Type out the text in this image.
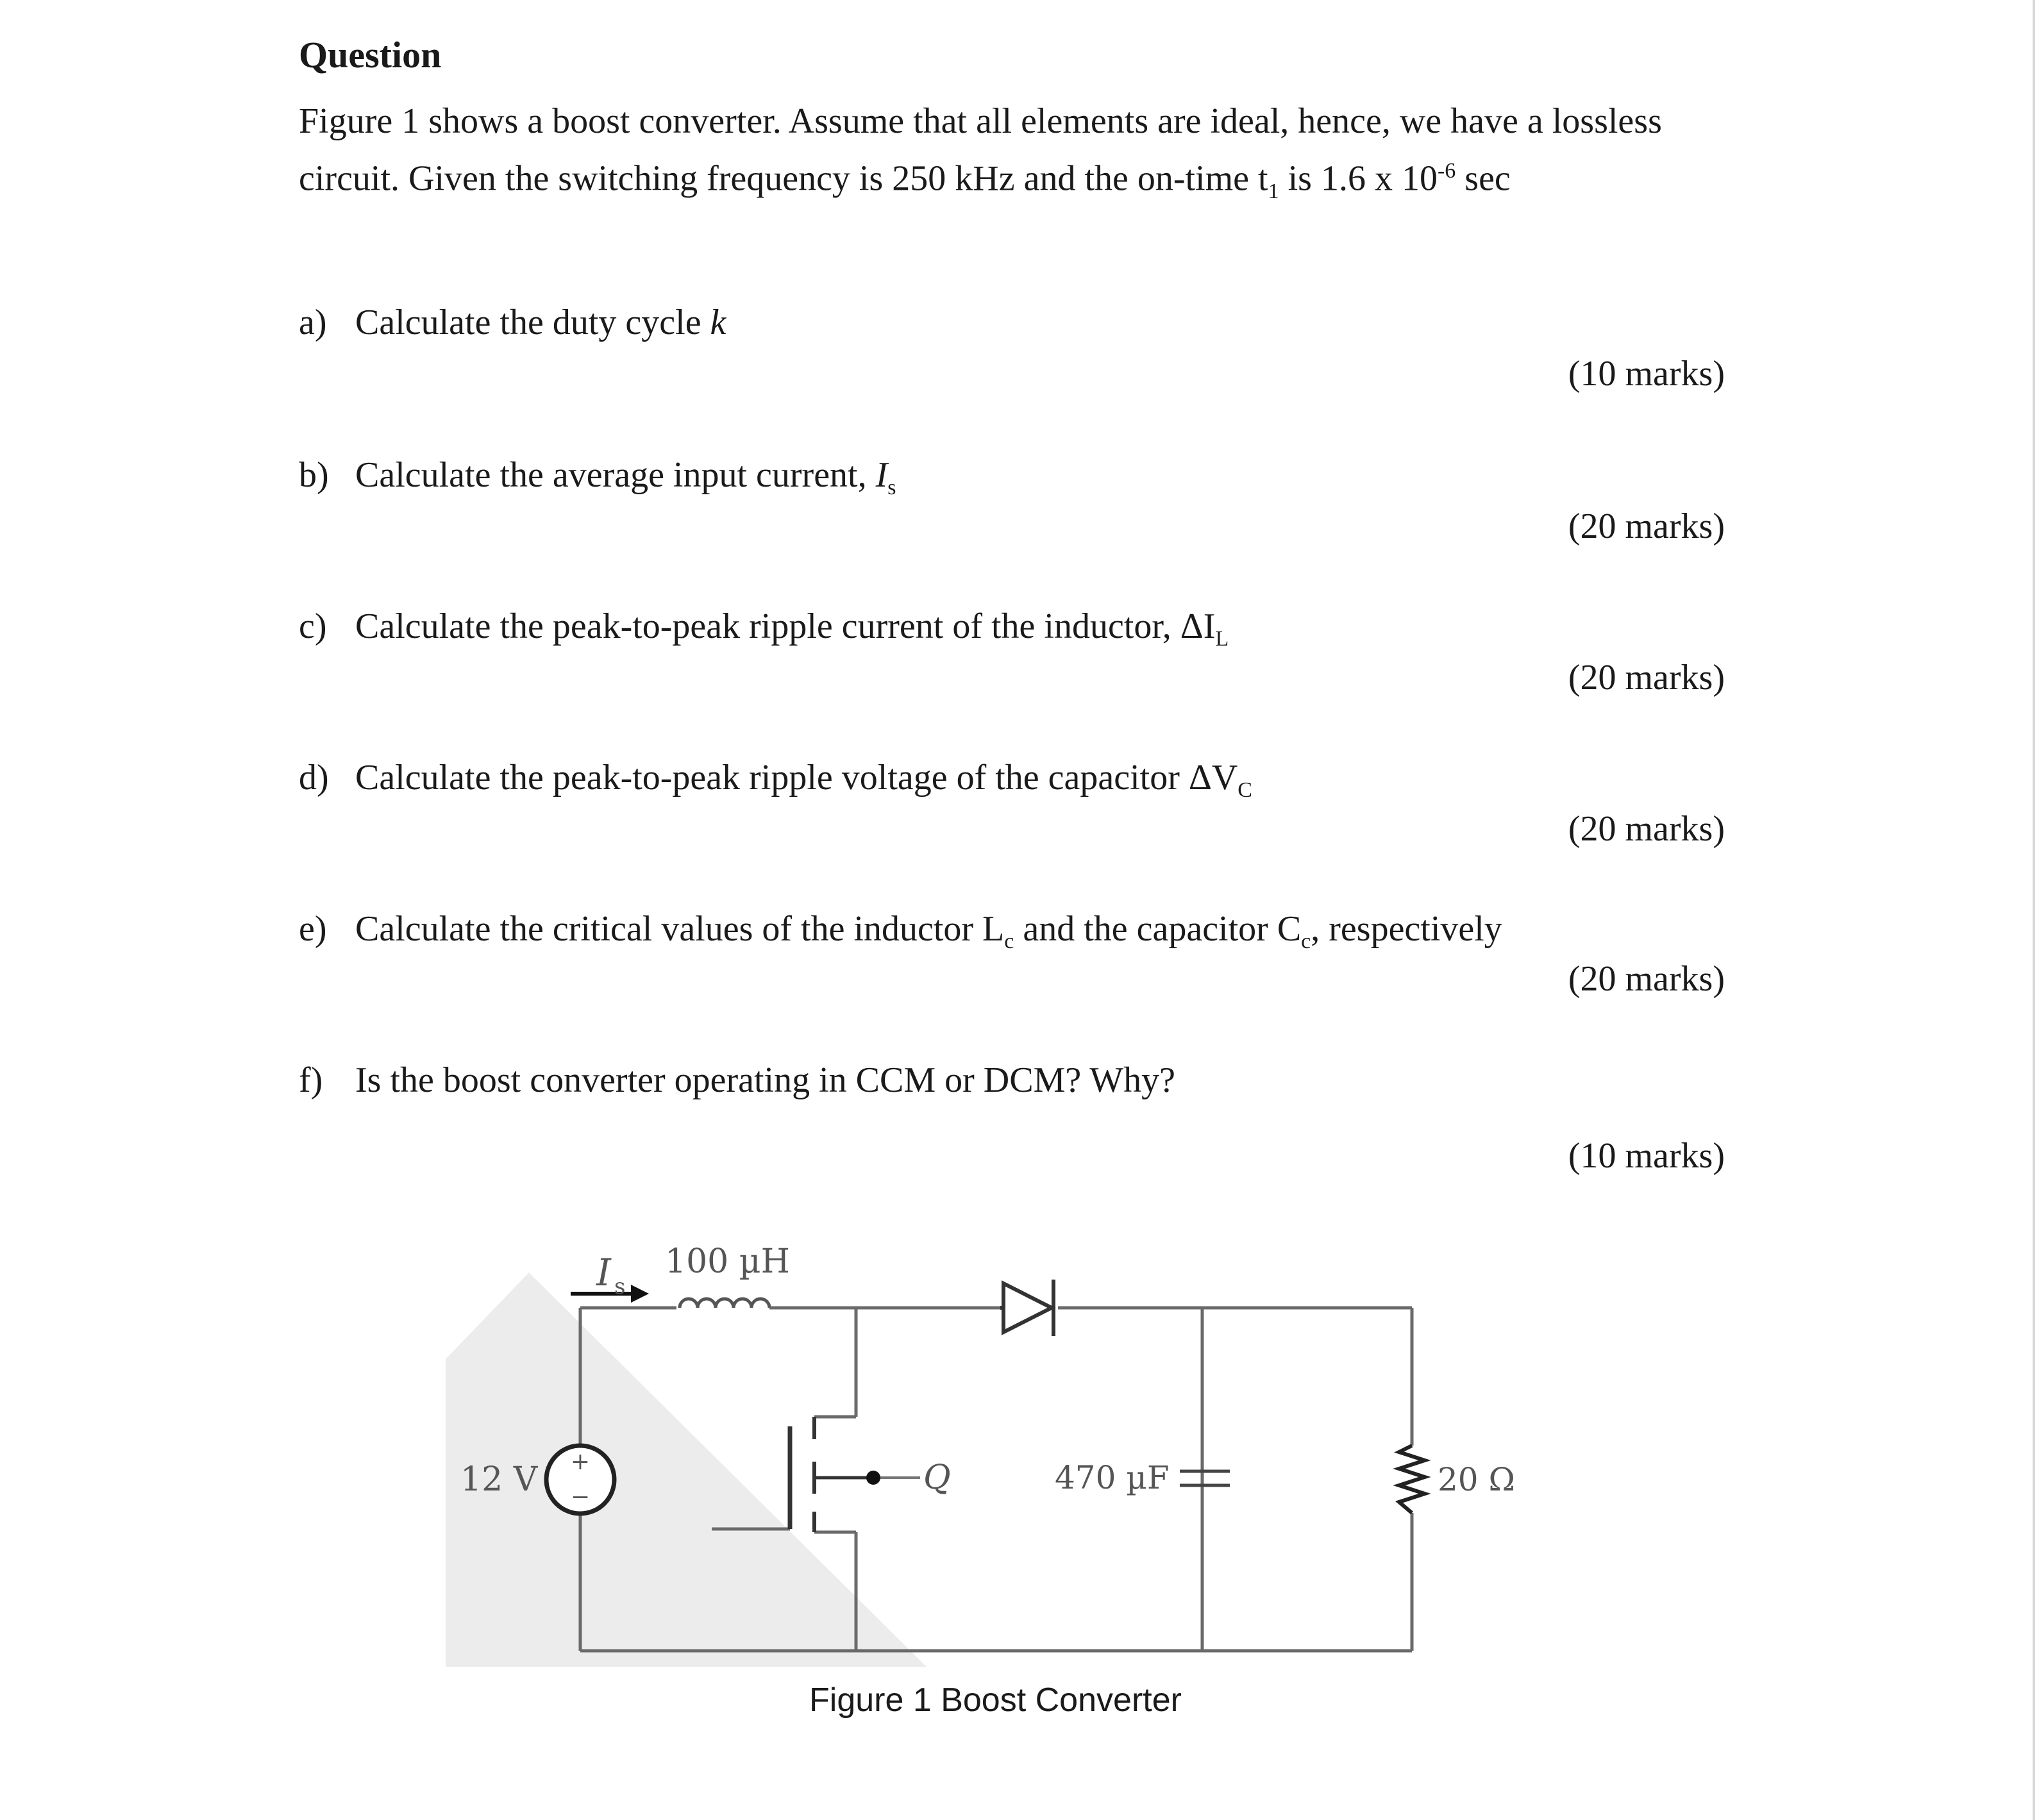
Question

Figure 1 shows a boost converter. Assume that all elements are ideal, hence, we have a lossless

circuit. Given the switching frequency is 250 kHz and the on-time $t_1$ is 1.6 x $10^{-6}$ sec

a) Calculate the duty cycle k
(10 marks)
b) Calculate the average input current, $I_s$
(20 marks)
c) Calculate the peak-to-peak ripple current of the inductor, $\Delta I_L$
(20 marks)
d) Calculate the peak-to-peak ripple voltage of the capacitor $\Delta V_C$
(20 marks)
e) Calculate the critical values of the inductor $L_c$ and the capacitor $C_c$, respectively
(20 marks)
f) Is the boost converter operating in CCM or DCM? Why?
(10 marks)
I s
100 µH
12 V +
−
Q	470 µF	20 Ω
Figure 1 Boost Converter
